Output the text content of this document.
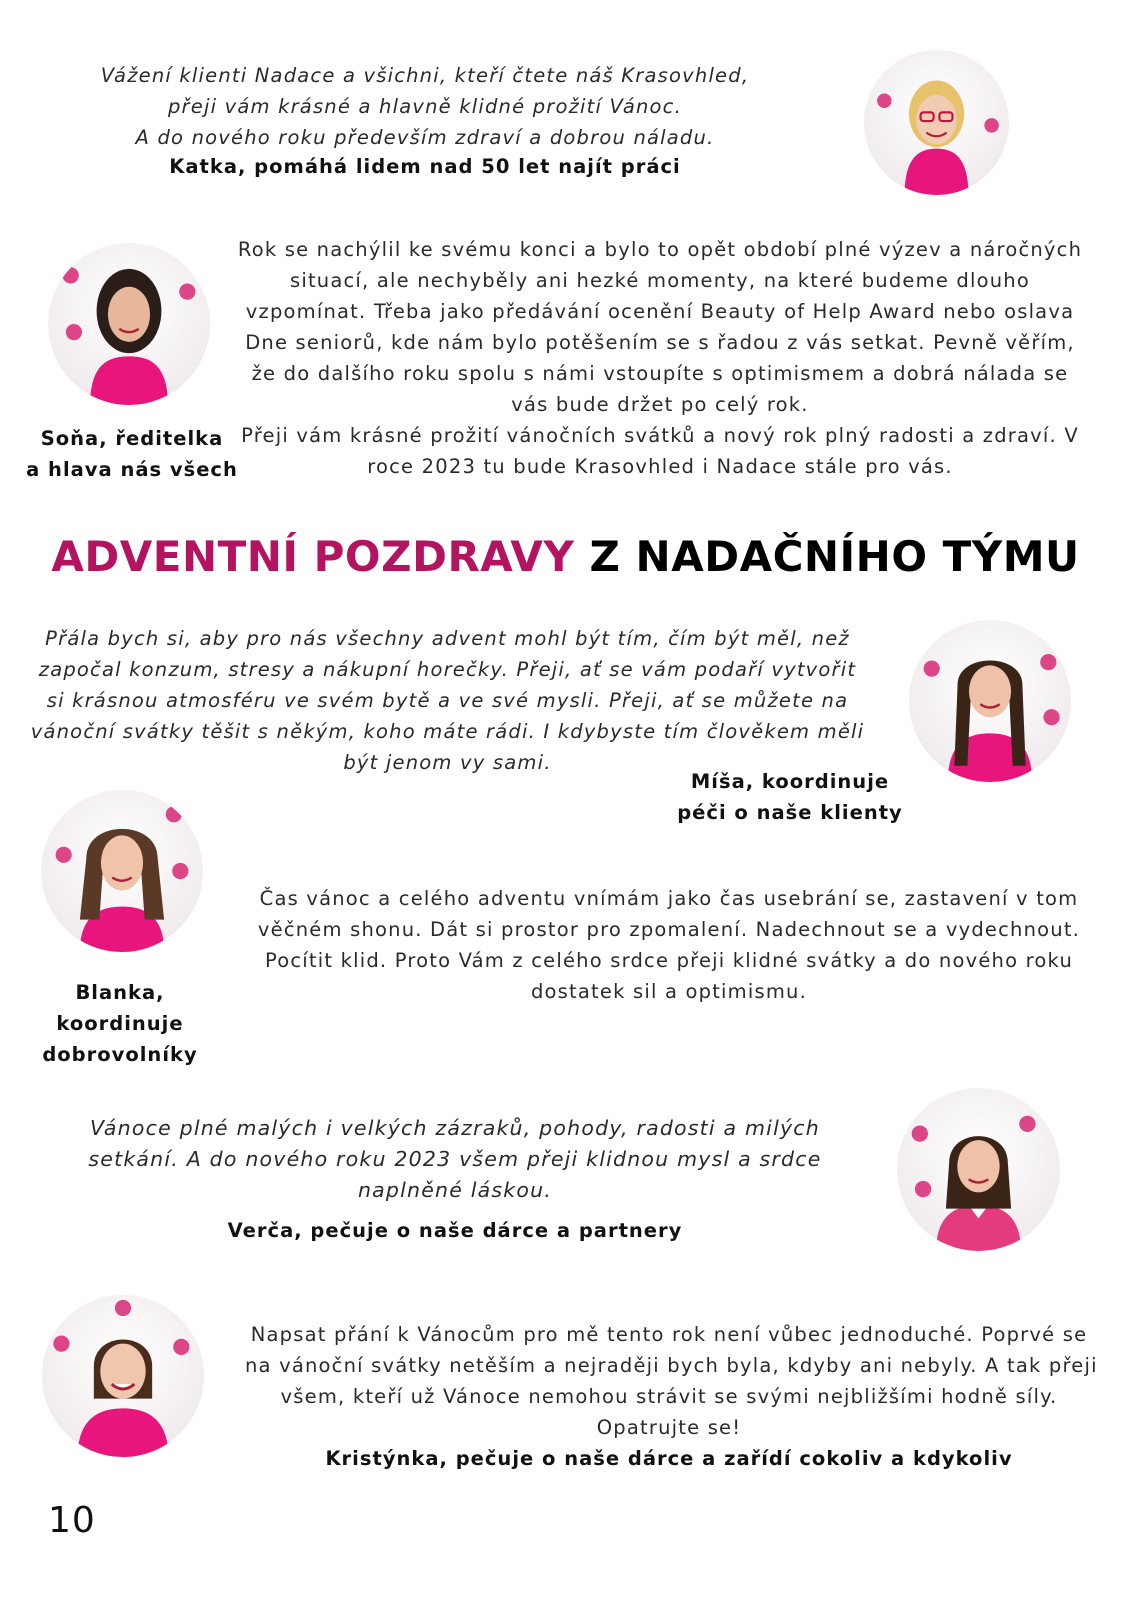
Vážení klienti Nadace a všichni, kteří čtete náš Krasovhled,
přeji vám krásné a hlavně klidné prožití Vánoc.
A do nového roku především zdraví a dobrou náladu.
Katka, pomáhá lidem nad 50 let najít práci
Rok se nachýlil ke svému konci a bylo to opět období plné výzev a náročných
situací, ale nechyběly ani hezké momenty, na které budeme dlouho
vzpomínat. Třeba jako předávání ocenění Beauty of Help Award nebo oslava
Dne seniorů, kde nám bylo potěšením se s řadou z vás setkat. Pevně věřím,
že do dalšího roku spolu s námi vstoupíte s optimismem a dobrá nálada se
vás bude držet po celý rok.
Přeji vám krásné prožití vánočních svátků a nový rok plný radosti a zdraví. V
roce 2023 tu bude Krasovhled i Nadace stále pro vás.
Soňa, ředitelka
a hlava nás všech
ADVENTNÍ POZDRAVY Z NADAČNÍHO TÝMU
Přála bych si, aby pro nás všechny advent mohl být tím, čím být měl, než
započal konzum, stresy a nákupní horečky. Přeji, ať se vám podaří vytvořit
si krásnou atmosféru ve svém bytě a ve své mysli. Přeji, ať se můžete na
vánoční svátky těšit s někým, koho máte rádi. I kdybyste tím člověkem měli
být jenom vy sami.
Míša, koordinuje
péči o naše klienty
Čas vánoc a celého adventu vnímám jako čas usebrání se, zastavení v tom
věčném shonu. Dát si prostor pro zpomalení. Nadechnout se a vydechnout.
Pocítit klid. Proto Vám z celého srdce přeji klidné svátky a do nového roku
dostatek sil a optimismu.
Blanka,
koordinuje
dobrovolníky
Vánoce plné malých i velkých zázraků, pohody, radosti a milých
setkání. A do nového roku 2023 všem přeji klidnou mysl a srdce
naplněné láskou.
Verča, pečuje o naše dárce a partnery
Napsat přání k Vánocům pro mě tento rok není vůbec jednoduché. Poprvé se
na vánoční svátky netěším a nejraději bych byla, kdyby ani nebyly. A tak přeji
všem, kteří už Vánoce nemohou strávit se svými nejbližšími hodně síly.
Opatrujte se!
Kristýnka, pečuje o naše dárce a zařídí cokoliv a kdykoliv
10
